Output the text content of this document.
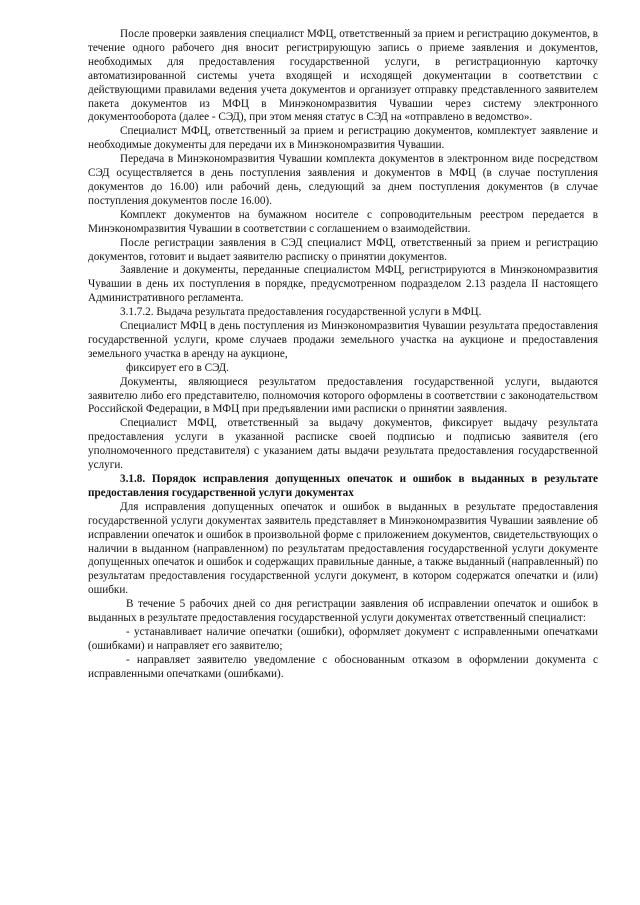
После проверки заявления специалист МФЦ, ответственный за прием и регистрацию документов, в течение одного рабочего дня вносит регистрирующую запись о приеме заявления и документов, необходимых для предоставления государственной услуги, в регистрационную карточку автоматизированной системы учета входящей и исходящей документации в соответствии с действующими правилами ведения учета документов и организует отправку представленного заявителем пакета документов из МФЦ в Минэкономразвития Чувашии через систему электронного документооборота (далее - СЭД), при этом меняя статус в СЭД на «отправлено в ведомство».

Специалист МФЦ, ответственный за прием и регистрацию документов, комплектует заявление и необходимые документы для передачи их в Минэкономразвития Чувашии.

Передача в Минэкономразвития Чувашии комплекта документов в электронном виде посредством СЭД осуществляется в день поступления заявления и документов в МФЦ (в случае поступления документов до 16.00) или рабочий день, следующий за днем поступления документов (в случае поступления документов после 16.00).

Комплект документов на бумажном носителе с сопроводительным реестром передается в Минэкономразвития Чувашии в соответствии с соглашением о взаимодействии.

После регистрации заявления в СЭД специалист МФЦ, ответственный за прием и регистрацию документов, готовит и выдает заявителю расписку о принятии документов.

Заявление и документы, переданные специалистом МФЦ, регистрируются в Минэкономразвития Чувашии в день их поступления в порядке, предусмотренном подразделом 2.13 раздела II настоящего Административного регламента.

3.1.7.2. Выдача результата предоставления государственной услуги в МФЦ.

Специалист МФЦ в день поступления из Минэкономразвития Чувашии результата предоставления государственной услуги, кроме случаев продажи земельного участка на аукционе и предоставления земельного участка в аренду на аукционе,

фиксирует его в СЭД.

Документы, являющиеся результатом предоставления государственной услуги, выдаются заявителю либо его представителю, полномочия которого оформлены в соответствии с законодательством Российской Федерации, в МФЦ при предъявлении ими расписки о принятии заявления.

Специалист МФЦ, ответственный за выдачу документов, фиксирует выдачу результата предоставления услуги в указанной расписке своей подписью и подписью заявителя (его уполномоченного представителя) с указанием даты выдачи результата предоставления государственной услуги.

3.1.8. Порядок исправления допущенных опечаток и ошибок в выданных в результате предоставления государственной услуги документах

Для исправления допущенных опечаток и ошибок в выданных в результате предоставления государственной услуги документах заявитель представляет в Минэкономразвития Чувашии заявление об исправлении опечаток и ошибок в произвольной форме с приложением документов, свидетельствующих о наличии в выданном (направленном) по результатам предоставления государственной услуги документе допущенных опечаток и ошибок и содержащих правильные данные, а также выданный (направленный) по результатам предоставления государственной услуги документ, в котором содержатся опечатки и (или) ошибки.

В течение 5 рабочих дней со дня регистрации заявления об исправлении опечаток и ошибок в выданных в результате предоставления государственной услуги документах ответственный специалист:

- устанавливает наличие опечатки (ошибки), оформляет документ с исправленными опечатками (ошибками) и направляет его заявителю;

- направляет заявителю уведомление с обоснованным отказом в оформлении документа с исправленными опечатками (ошибками).
